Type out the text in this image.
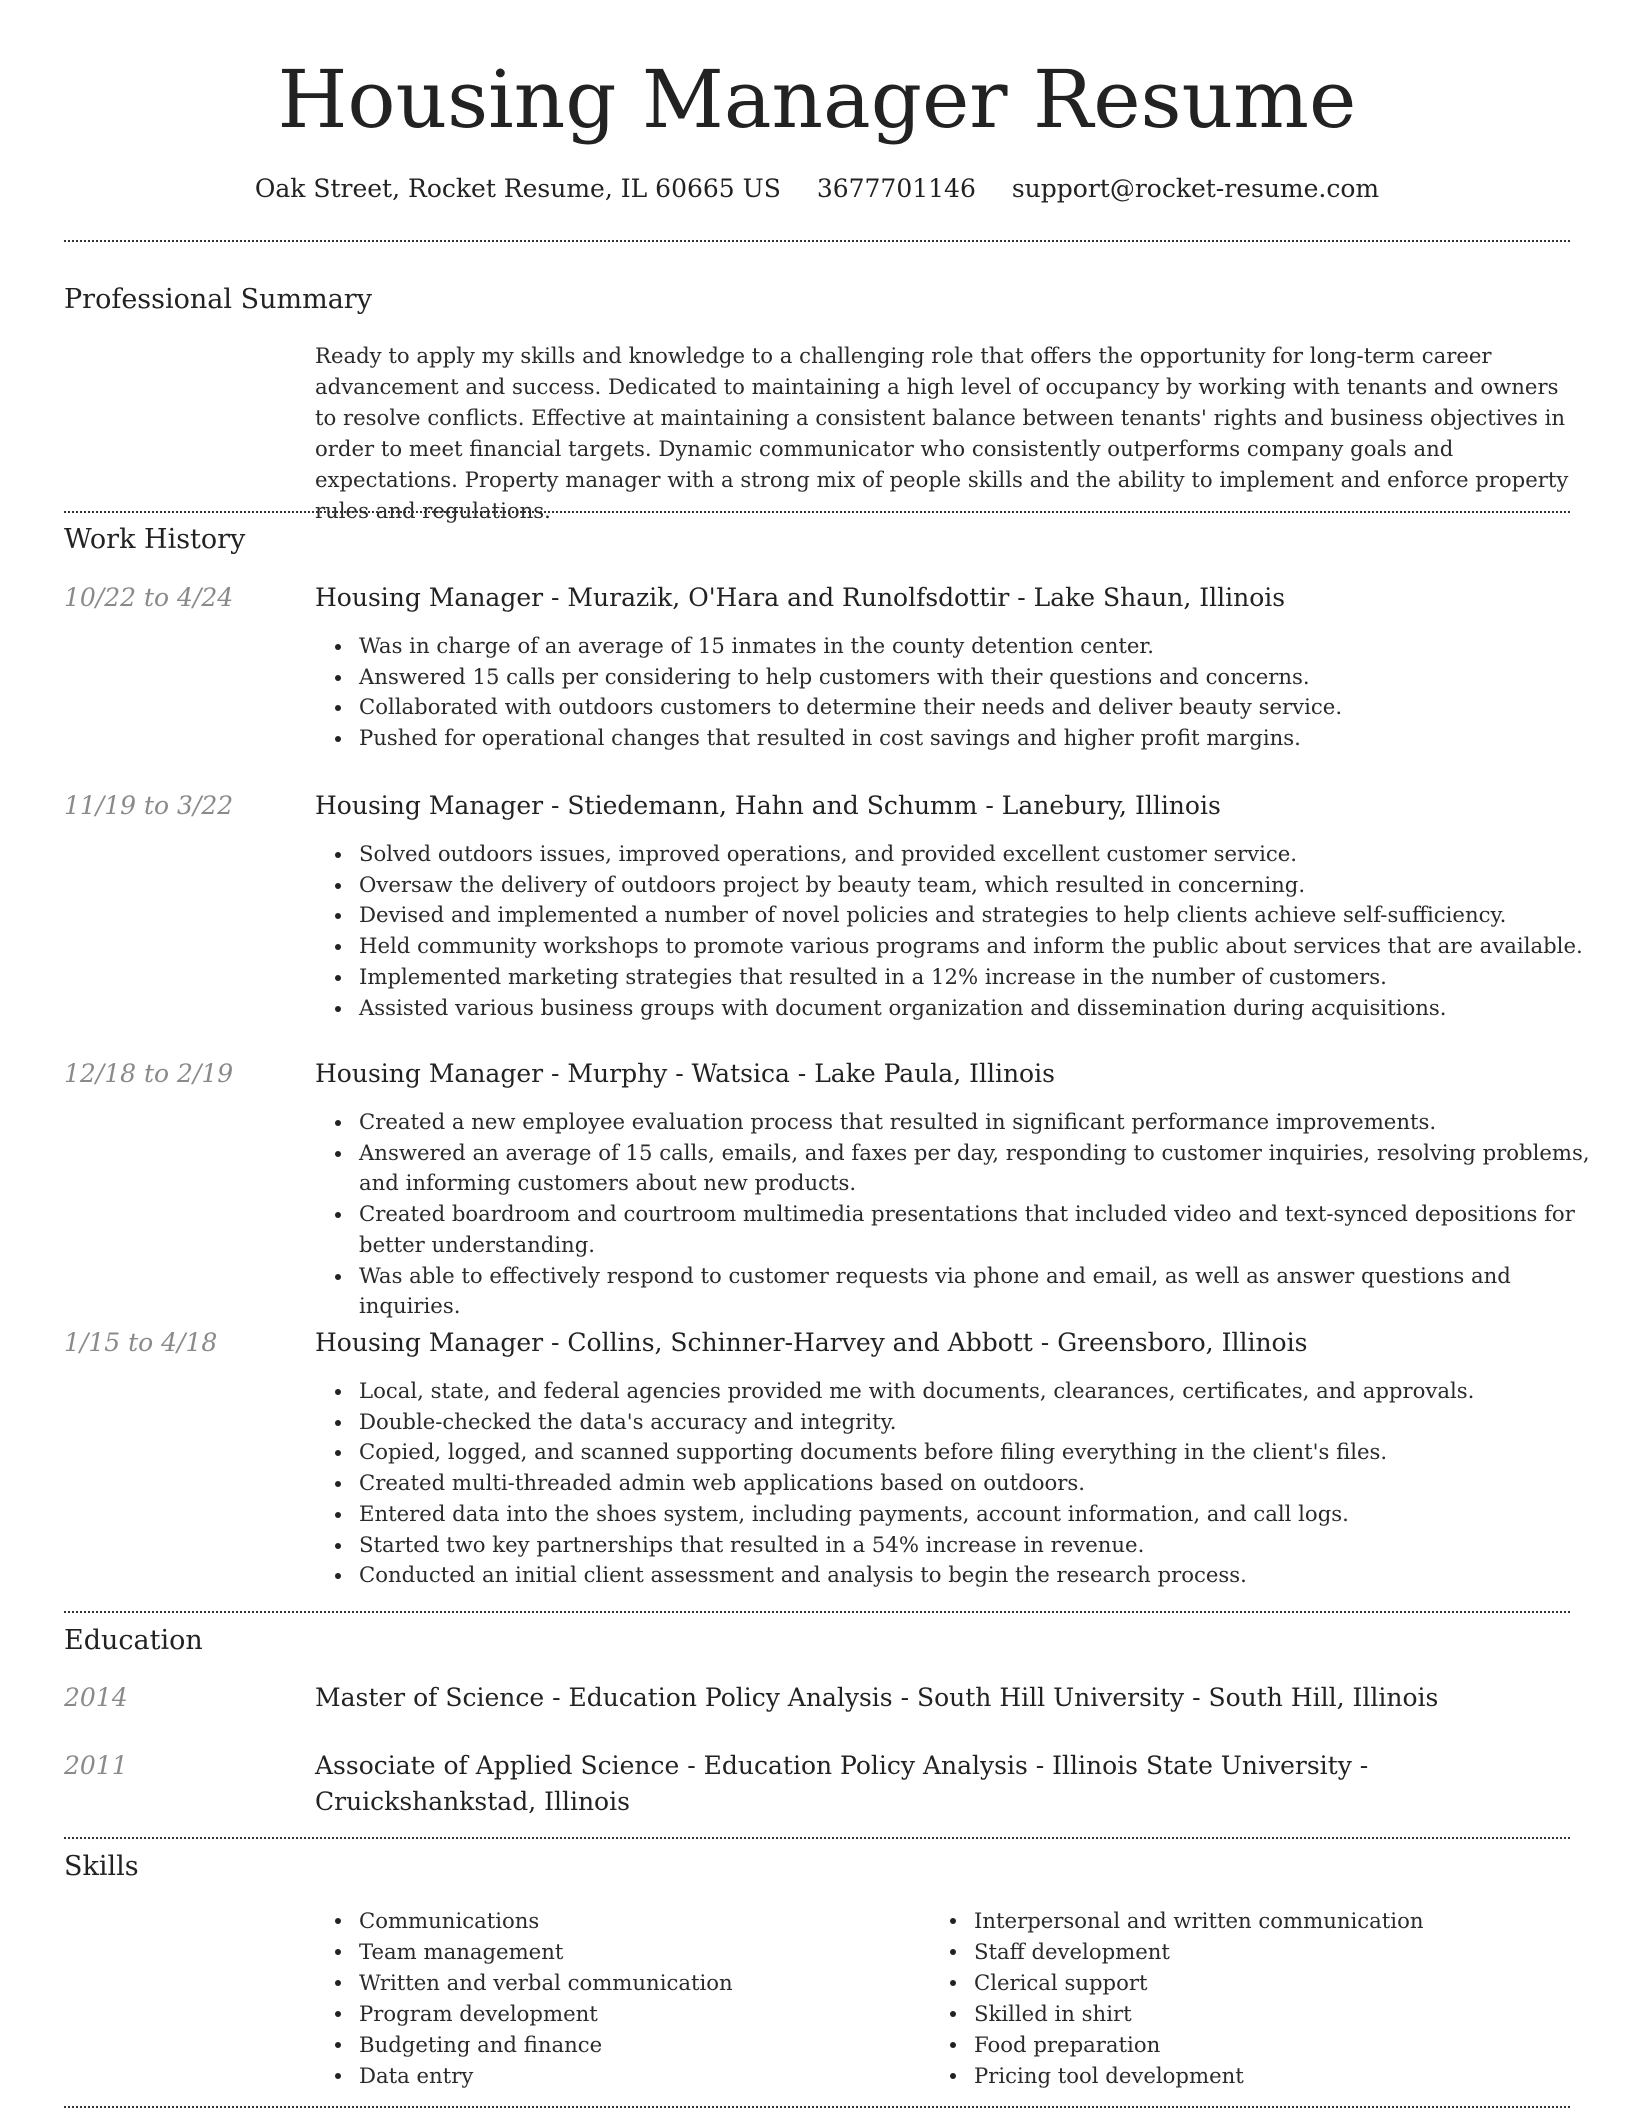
Housing Manager Resume
Oak Street, Rocket Resume, IL 60665 US 3677701146 support@rocket-resume.com
Professional Summary
Ready to apply my skills and knowledge to a challenging role that offers the opportunity for long-term career advancement and success. Dedicated to maintaining a high level of occupancy by working with tenants and owners to resolve conflicts. Effective at maintaining a consistent balance between tenants' rights and business objectives in order to meet financial targets. Dynamic communicator who consistently outperforms company goals and expectations. Property manager with a strong mix of people skills and the ability to implement and enforce property rules and regulations.
Work History
10/22 to 4/24	Housing Manager - Murazik, O'Hara and Runolfsdottir - Lake Shaun, Illinois
Was in charge of an average of 15 inmates in the county detention center.
Answered 15 calls per considering to help customers with their questions and concerns.
Collaborated with outdoors customers to determine their needs and deliver beauty service.
Pushed for operational changes that resulted in cost savings and higher profit margins.
11/19 to 3/22	Housing Manager - Stiedemann, Hahn and Schumm - Lanebury, Illinois
Solved outdoors issues, improved operations, and provided excellent customer service.
Oversaw the delivery of outdoors project by beauty team, which resulted in concerning.
Devised and implemented a number of novel policies and strategies to help clients achieve self-sufficiency.
Held community workshops to promote various programs and inform the public about services that are available.
Implemented marketing strategies that resulted in a 12% increase in the number of customers.
Assisted various business groups with document organization and dissemination during acquisitions.
12/18 to 2/19	Housing Manager - Murphy - Watsica - Lake Paula, Illinois
Created a new employee evaluation process that resulted in significant performance improvements.
Answered an average of 15 calls, emails, and faxes per day, responding to customer inquiries, resolving problems, and informing customers about new products.
Created boardroom and courtroom multimedia presentations that included video and text-synced depositions for better understanding.
Was able to effectively respond to customer requests via phone and email, as well as answer questions and inquiries.
1/15 to 4/18	Housing Manager - Collins, Schinner-Harvey and Abbott - Greensboro, Illinois
Local, state, and federal agencies provided me with documents, clearances, certificates, and approvals.
Double-checked the data's accuracy and integrity.
Copied, logged, and scanned supporting documents before filing everything in the client's files.
Created multi-threaded admin web applications based on outdoors.
Entered data into the shoes system, including payments, account information, and call logs.
Started two key partnerships that resulted in a 54% increase in revenue.
Conducted an initial client assessment and analysis to begin the research process.
Education
2014	Master of Science - Education Policy Analysis - South Hill University - South Hill, Illinois
2011	Associate of Applied Science - Education Policy Analysis - Illinois State University - Cruickshankstad, Illinois
Skills
Communications
Team management
Written and verbal communication
Program development
Budgeting and finance
Data entry
Interpersonal and written communication
Staff development
Clerical support
Skilled in shirt
Food preparation
Pricing tool development
